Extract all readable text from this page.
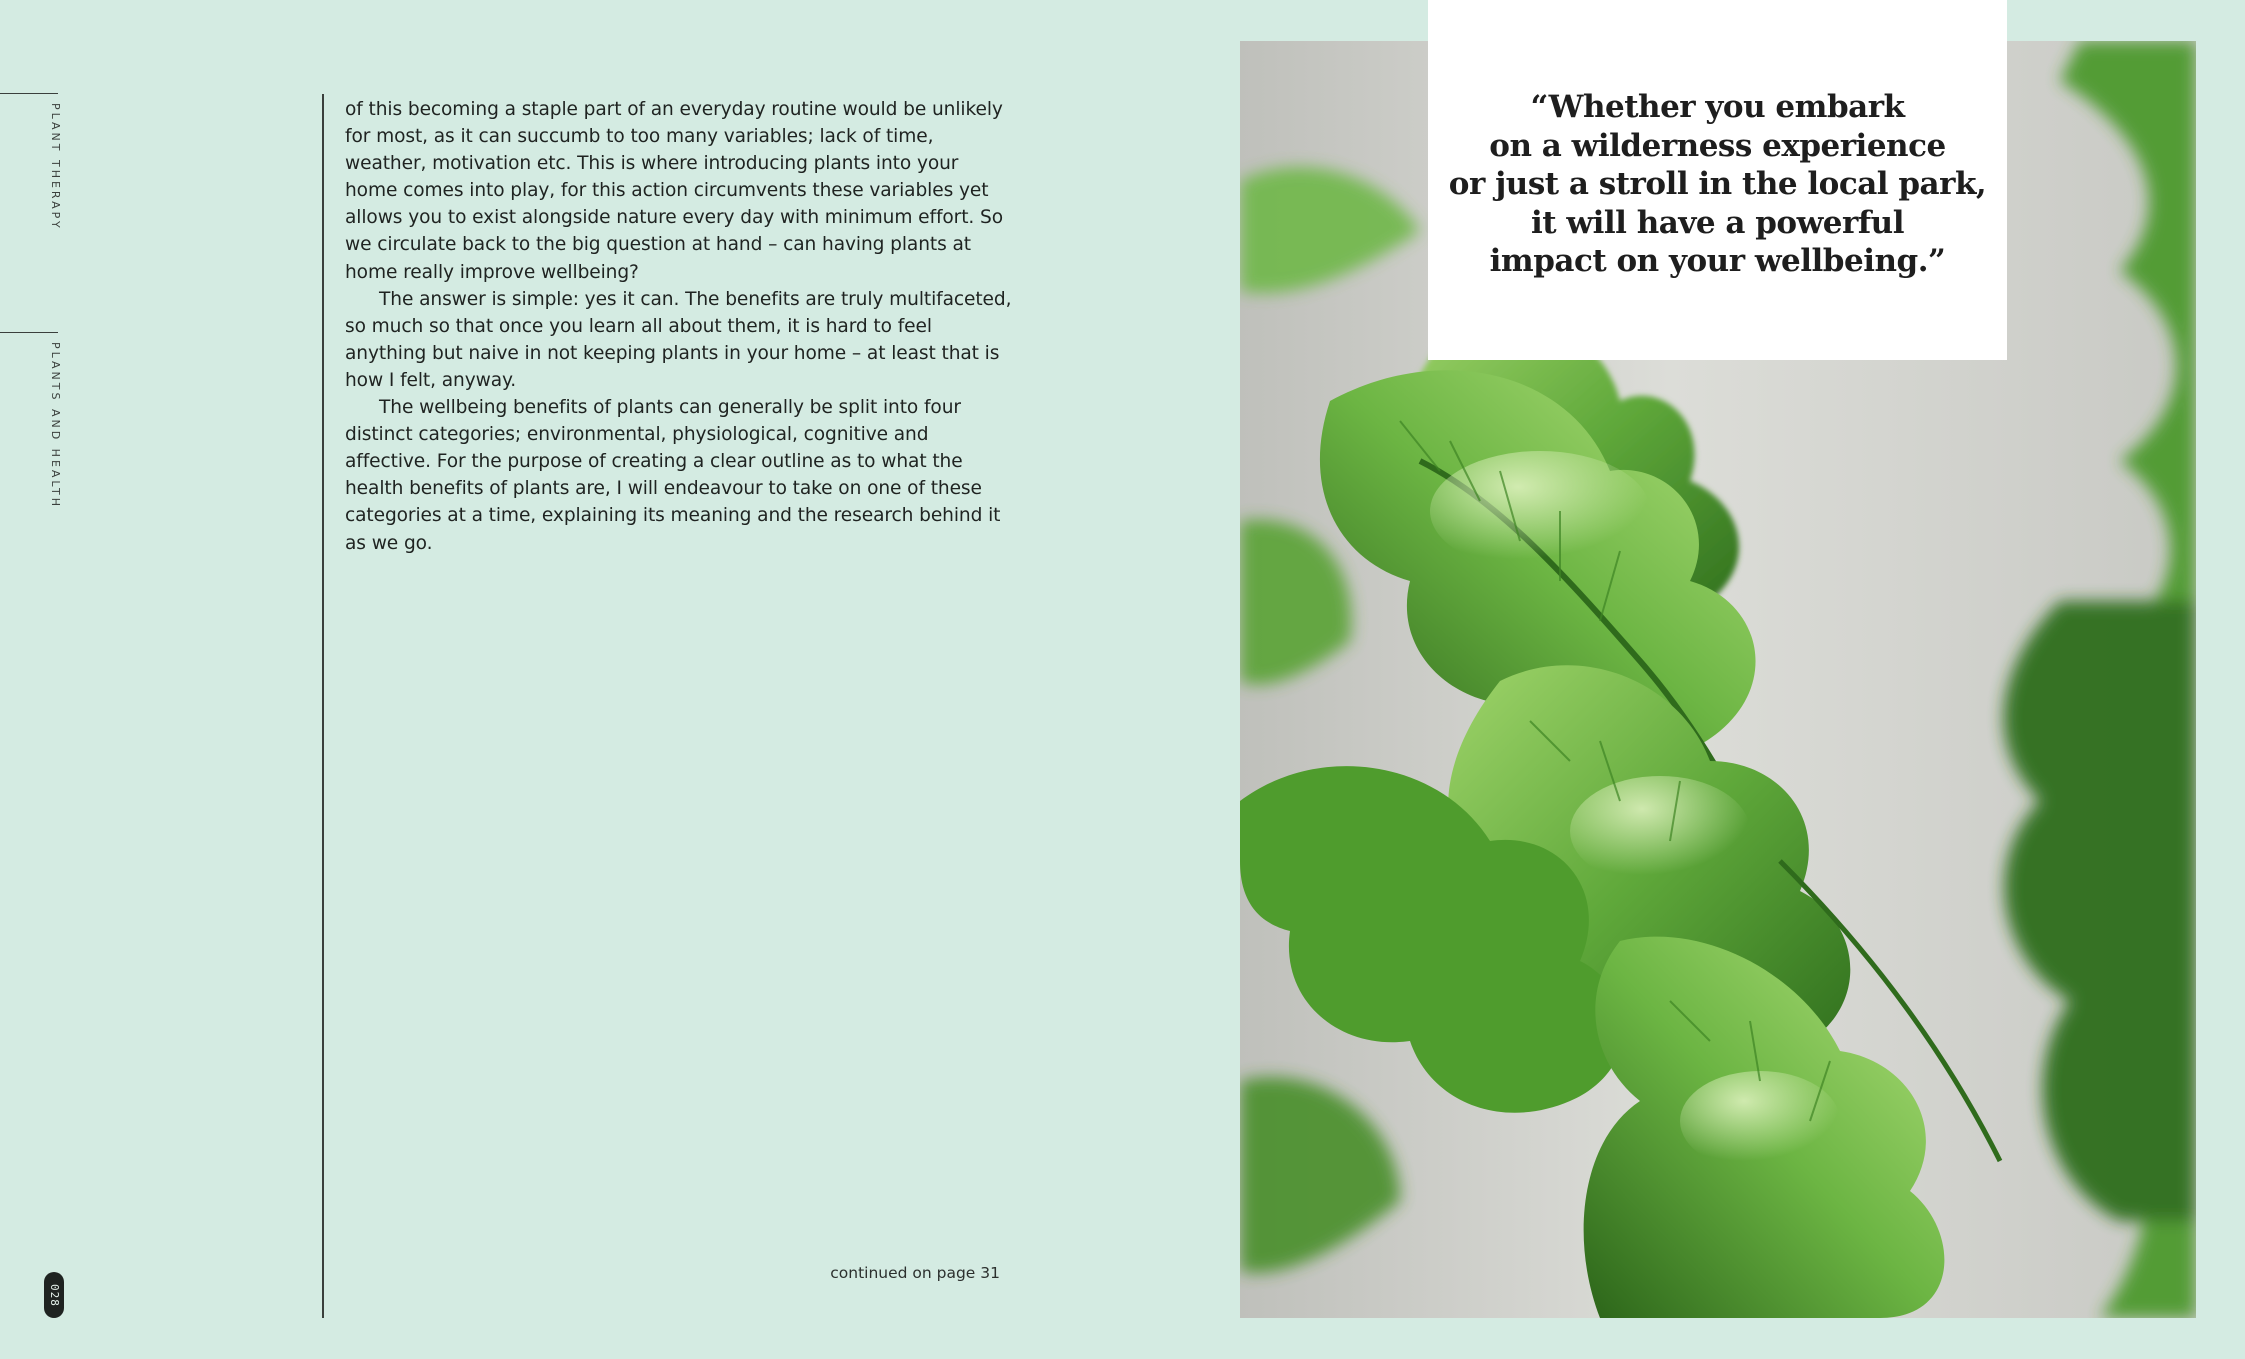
PLANT THERAPY
PLANTS AND HEALTH
028

of this becoming a staple part of an everyday routine would be unlikely for most, as it can succumb to too many variables; lack of time, weather, motivation etc. This is where introducing plants into your home comes into play, for this action circumvents these variables yet allows you to exist alongside nature every day with minimum effort. So we circulate back to the big question at hand – can having plants at home really improve wellbeing?

The answer is simple: yes it can. The benefits are truly multifaceted, so much so that once you learn all about them, it is hard to feel anything but naive in not keeping plants in your home – at least that is how I felt, anyway.

The wellbeing benefits of plants can generally be split into four distinct categories; environmental, physiological, cognitive and affective. For the purpose of creating a clear outline as to what the health benefits of plants are, I will endeavour to take on one of these categories at a time, explaining its meaning and the research behind it as we go.

continued on page 31
“Whether you embark
on a wilderness experience
or just a stroll in the local park,
it will have a powerful
impact on your wellbeing.”
